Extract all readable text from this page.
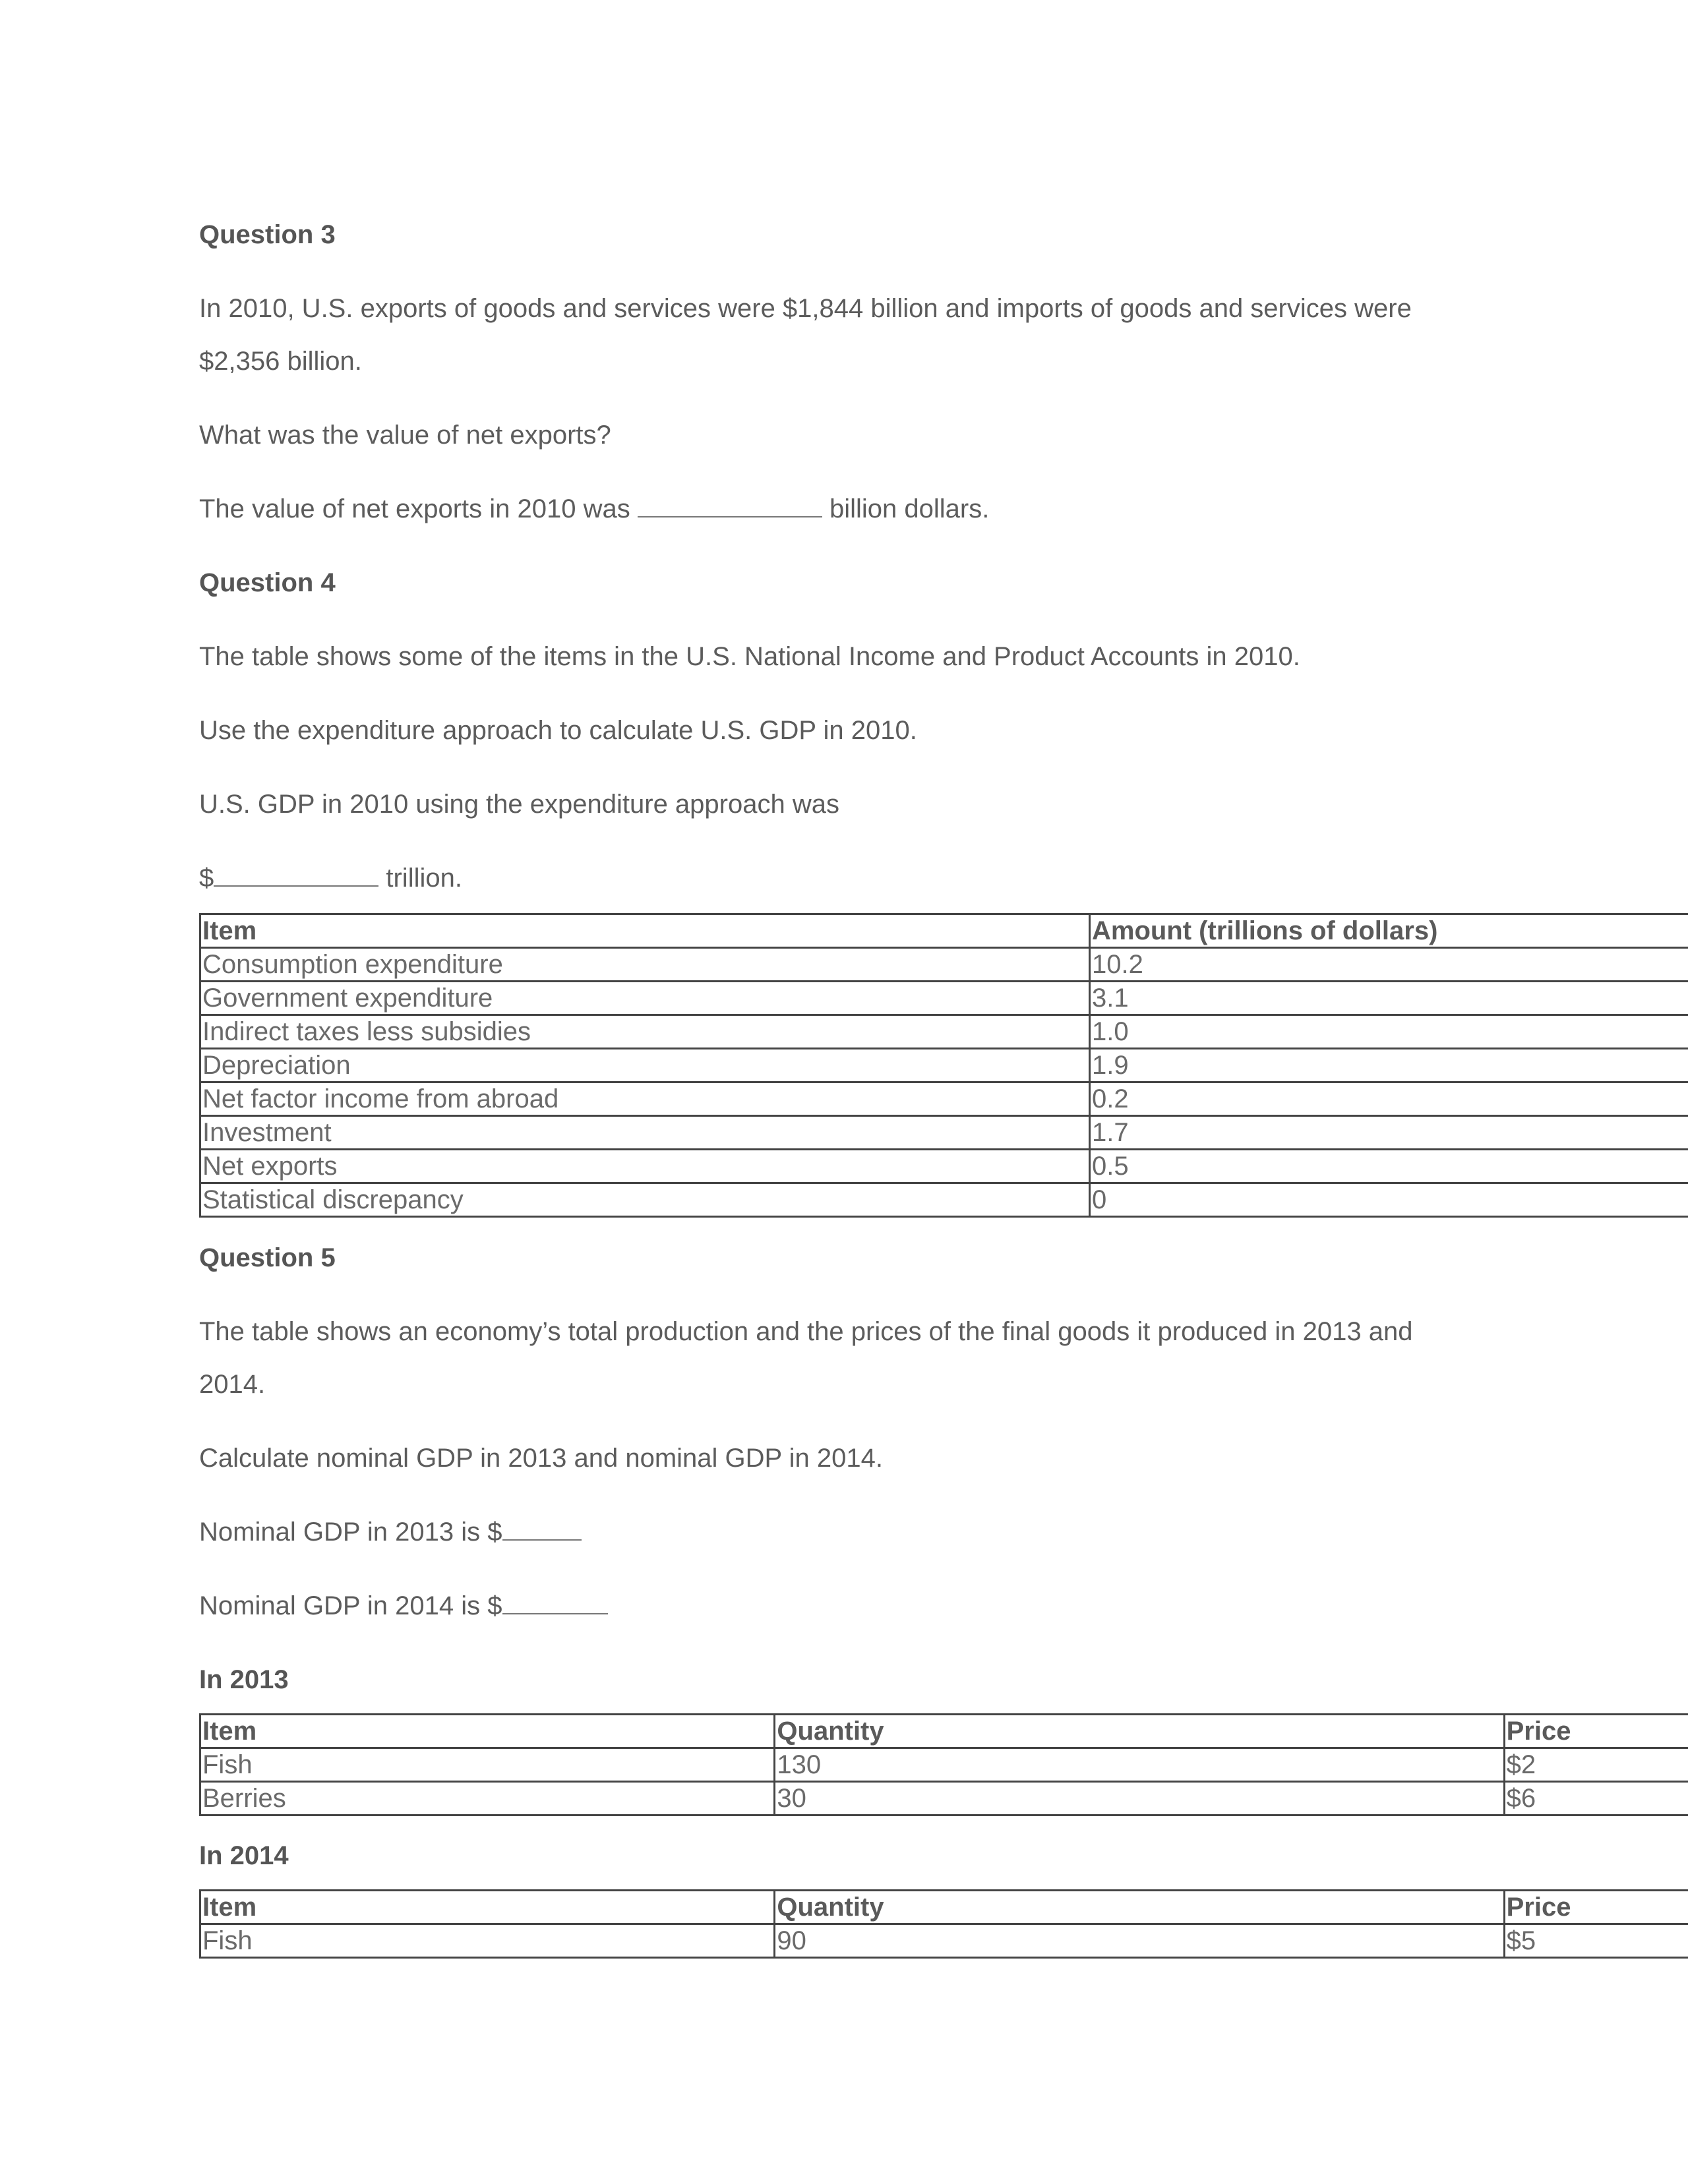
Question 3

In 2010, U.S. exports of goods and services were $1,844 billion and imports of goods and services were

$2,356 billion.

What was the value of net exports?

The value of net exports in 2010 was	billion dollars.

Question 4

The table shows some of the items in the U.S. National Income and Product Accounts in 2010.

Use the expenditure approach to calculate U.S. GDP in 2010.

U.S. GDP in 2010 using the expenditure approach was

$	trillion.

Item	Amount (trillions of dollars)
Consumption expenditure	10.2
Government expenditure	3.1
Indirect taxes less subsidies	1.0
Depreciation	1.9
Net factor income from abroad	0.2
Investment	1.7
Net exports	0.5
Statistical discrepancy	0

Question 5

The table shows an economy’s total production and the prices of the final goods it produced in 2013 and

2014.

Calculate nominal GDP in 2013 and nominal GDP in 2014.

Nominal GDP in 2013 is $

Nominal GDP in 2014 is $

In 2013

Item	Quantity	Price
Fish	130	$2
Berries	30	$6

In 2014

Item	Quantity	Price
Fish	90	$5
